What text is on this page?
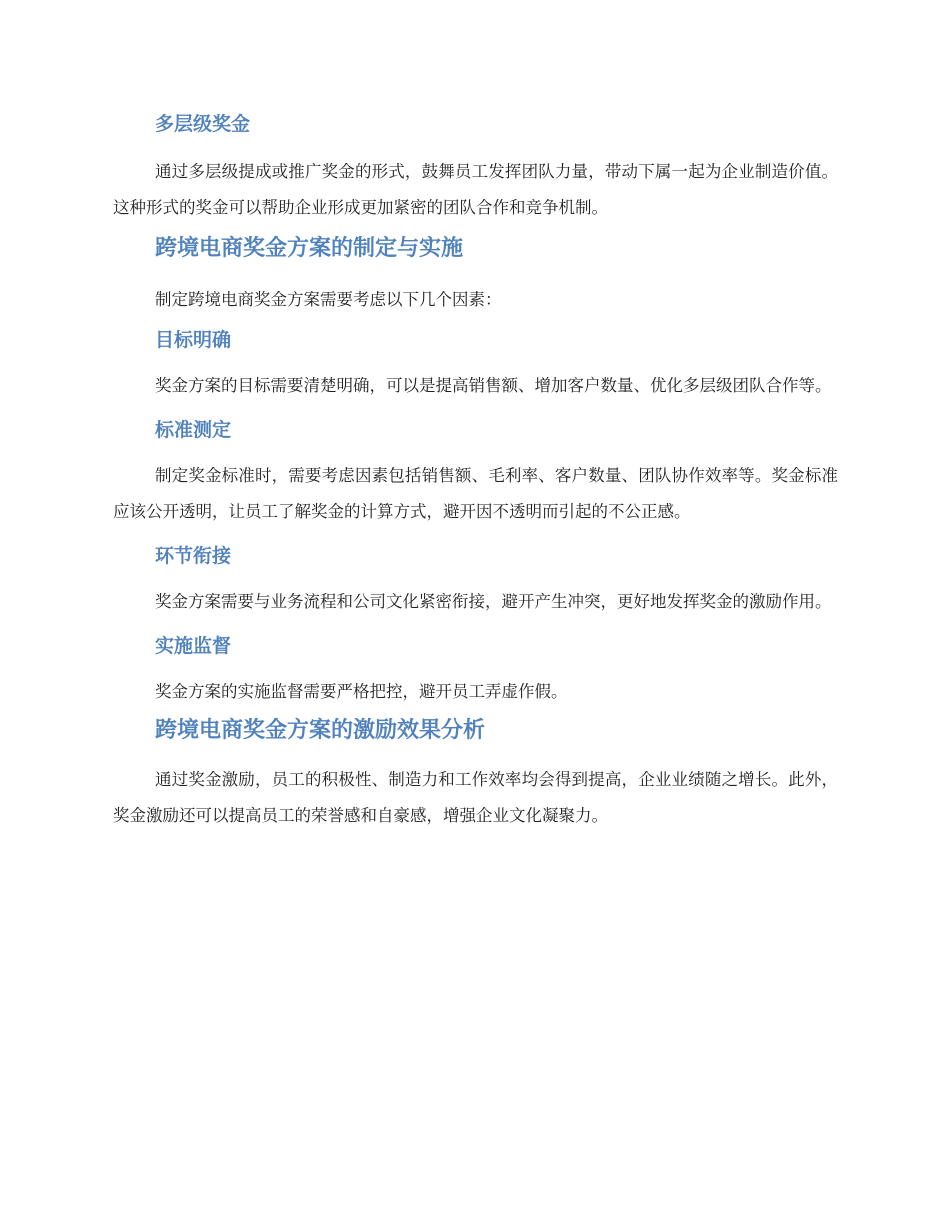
多层级奖金

通过多层级提成或推广奖金的形式，鼓舞员工发挥团队力量，带动下属一起为企业制造价值。这种形式的奖金可以帮助企业形成更加紧密的团队合作和竞争机制。

跨境电商奖金方案的制定与实施

制定跨境电商奖金方案需要考虑以下几个因素：

目标明确

奖金方案的目标需要清楚明确，可以是提高销售额、增加客户数量、优化多层级团队合作等。

标准测定

制定奖金标准时，需要考虑因素包括销售额、毛利率、客户数量、团队协作效率等。奖金标准应该公开透明，让员工了解奖金的计算方式，避开因不透明而引起的不公正感。

环节衔接

奖金方案需要与业务流程和公司文化紧密衔接，避开产生冲突，更好地发挥奖金的激励作用。

实施监督

奖金方案的实施监督需要严格把控，避开员工弄虚作假。

跨境电商奖金方案的激励效果分析

通过奖金激励，员工的积极性、制造力和工作效率均会得到提高，企业业绩随之增长。此外，奖金激励还可以提高员工的荣誉感和自豪感，增强企业文化凝聚力。
